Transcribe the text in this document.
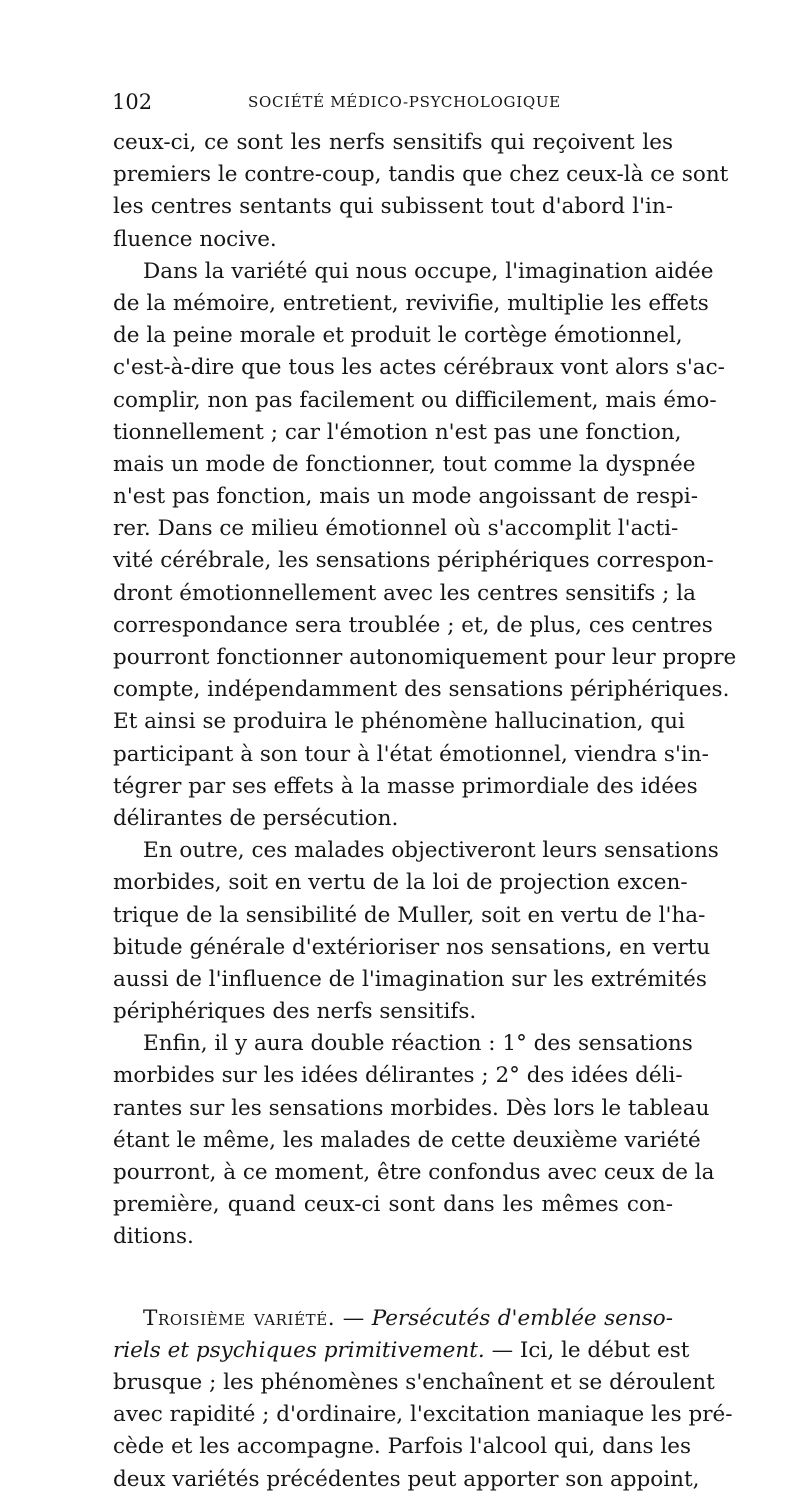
102	SOCIÉTÉ MÉDICO-PSYCHOLOGIQUE
ceux-ci, ce sont les nerfs sensitifs qui reçoivent les
premiers le contre-coup, tandis que chez ceux-là ce sont
les centres sentants qui subissent tout d'abord l'in-
fluence nocive.
Dans la variété qui nous occupe, l'imagination aidée
de la mémoire, entretient, revivifie, multiplie les effets
de la peine morale et produit le cortège émotionnel,
c'est-à-dire que tous les actes cérébraux vont alors s'ac-
complir, non pas facilement ou difficilement, mais émo-
tionnellement ; car l'émotion n'est pas une fonction,
mais un mode de fonctionner, tout comme la dyspnée
n'est pas fonction, mais un mode angoissant de respi-
rer. Dans ce milieu émotionnel où s'accomplit l'acti-
vité cérébrale, les sensations périphériques correspon-
dront émotionnellement avec les centres sensitifs ; la
correspondance sera troublée ; et, de plus, ces centres
pourront fonctionner autonomiquement pour leur propre
compte, indépendamment des sensations périphériques.
Et ainsi se produira le phénomène hallucination, qui
participant à son tour à l'état émotionnel, viendra s'in-
tégrer par ses effets à la masse primordiale des idées
délirantes de persécution.
En outre, ces malades objectiveront leurs sensations
morbides, soit en vertu de la loi de projection excen-
trique de la sensibilité de Muller, soit en vertu de l'ha-
bitude générale d'extérioriser nos sensations, en vertu
aussi de l'influence de l'imagination sur les extrémités
périphériques des nerfs sensitifs.
Enfin, il y aura double réaction : 1° des sensations
morbides sur les idées délirantes ; 2° des idées déli-
rantes sur les sensations morbides. Dès lors le tableau
étant le même, les malades de cette deuxième variété
pourront, à ce moment, être confondus avec ceux de la
première, quand ceux-ci sont dans les mêmes con-
ditions.
Troisième variété. — Persécutés d'emblée senso-
riels et psychiques primitivement. — Ici, le début est
brusque ; les phénomènes s'enchaînent et se déroulent
avec rapidité ; d'ordinaire, l'excitation maniaque les pré-
cède et les accompagne. Parfois l'alcool qui, dans les
deux variétés précédentes peut apporter son appoint,
